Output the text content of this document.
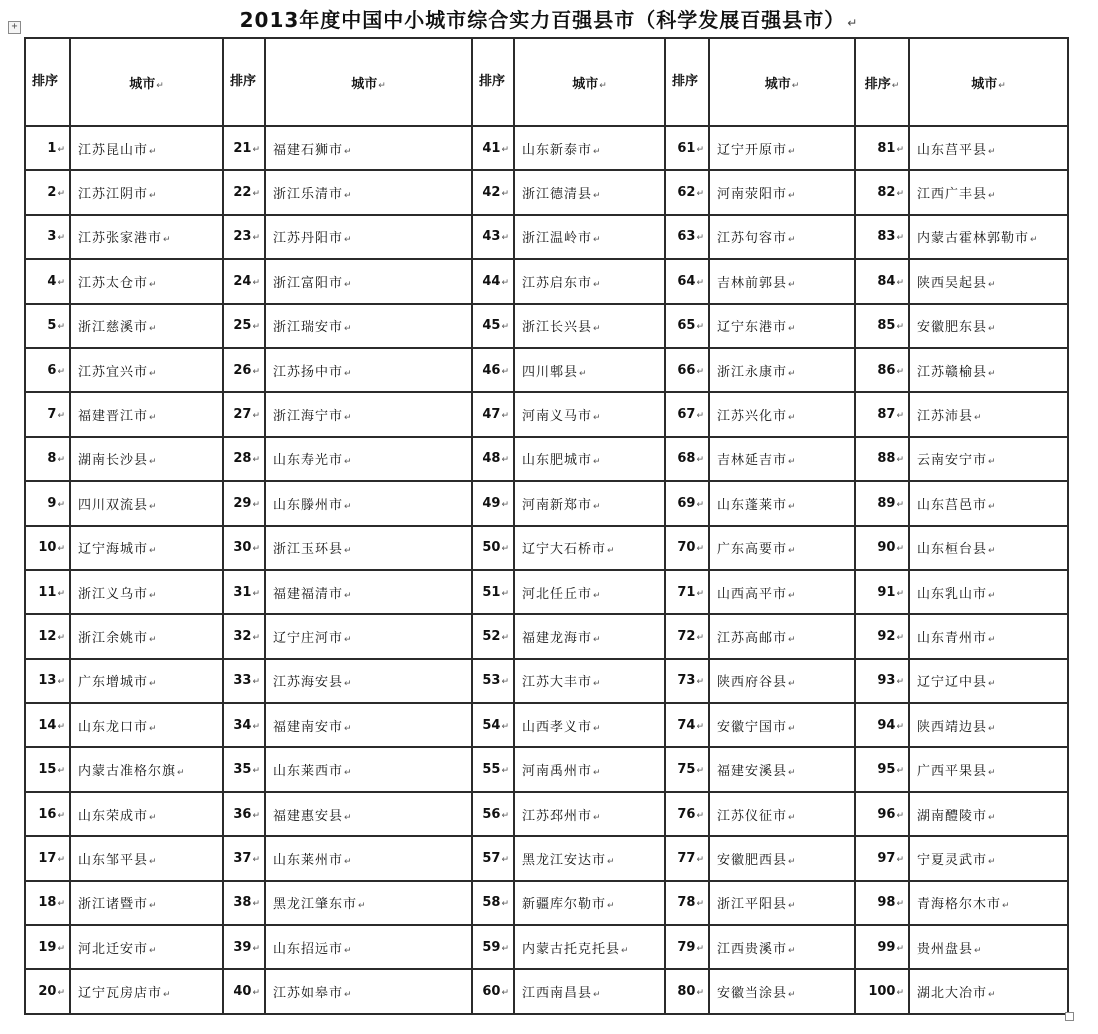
2013年度中国中小城市综合实力百强县市（科学发展百强县市） ↵
+
排序	城市↵	排序	城市↵	排序	城市↵	排序	城市↵	排序↵	城市↵
1↵	江苏昆山市↵	21↵	福建石狮市↵	41↵	山东新泰市↵	61↵	辽宁开原市↵	81↵	山东莒平县↵
2↵	江苏江阴市↵	22↵	浙江乐清市↵	42↵	浙江德清县↵	62↵	河南荥阳市↵	82↵	江西广丰县↵
3↵	江苏张家港市↵	23↵	江苏丹阳市↵	43↵	浙江温岭市↵	63↵	江苏句容市↵	83↵	内蒙古霍林郭勒市↵
4↵	江苏太仓市↵	24↵	浙江富阳市↵	44↵	江苏启东市↵	64↵	吉林前郭县↵	84↵	陕西吴起县↵
5↵	浙江慈溪市↵	25↵	浙江瑞安市↵	45↵	浙江长兴县↵	65↵	辽宁东港市↵	85↵	安徽肥东县↵
6↵	江苏宜兴市↵	26↵	江苏扬中市↵	46↵	四川郫县↵	66↵	浙江永康市↵	86↵	江苏赣榆县↵
7↵	福建晋江市↵	27↵	浙江海宁市↵	47↵	河南义马市↵	67↵	江苏兴化市↵	87↵	江苏沛县↵
8↵	湖南长沙县↵	28↵	山东寿光市↵	48↵	山东肥城市↵	68↵	吉林延吉市↵	88↵	云南安宁市↵
9↵	四川双流县↵	29↵	山东滕州市↵	49↵	河南新郑市↵	69↵	山东蓬莱市↵	89↵	山东莒邑市↵
10↵	辽宁海城市↵	30↵	浙江玉环县↵	50↵	辽宁大石桥市↵	70↵	广东高要市↵	90↵	山东桓台县↵
11↵	浙江义乌市↵	31↵	福建福清市↵	51↵	河北任丘市↵	71↵	山西高平市↵	91↵	山东乳山市↵
12↵	浙江余姚市↵	32↵	辽宁庄河市↵	52↵	福建龙海市↵	72↵	江苏高邮市↵	92↵	山东青州市↵
13↵	广东增城市↵	33↵	江苏海安县↵	53↵	江苏大丰市↵	73↵	陕西府谷县↵	93↵	辽宁辽中县↵
14↵	山东龙口市↵	34↵	福建南安市↵	54↵	山西孝义市↵	74↵	安徽宁国市↵	94↵	陕西靖边县↵
15↵	内蒙古准格尔旗↵	35↵	山东莱西市↵	55↵	河南禹州市↵	75↵	福建安溪县↵	95↵	广西平果县↵
16↵	山东荣成市↵	36↵	福建惠安县↵	56↵	江苏邳州市↵	76↵	江苏仪征市↵	96↵	湖南醴陵市↵
17↵	山东邹平县↵	37↵	山东莱州市↵	57↵	黑龙江安达市↵	77↵	安徽肥西县↵	97↵	宁夏灵武市↵
18↵	浙江诸暨市↵	38↵	黑龙江肇东市↵	58↵	新疆库尔勒市↵	78↵	浙江平阳县↵	98↵	青海格尔木市↵
19↵	河北迁安市↵	39↵	山东招远市↵	59↵	内蒙古托克托县↵	79↵	江西贵溪市↵	99↵	贵州盘县↵
20↵	辽宁瓦房店市↵	40↵	江苏如皋市↵	60↵	江西南昌县↵	80↵	安徽当涂县↵	100↵	湖北大冶市↵
